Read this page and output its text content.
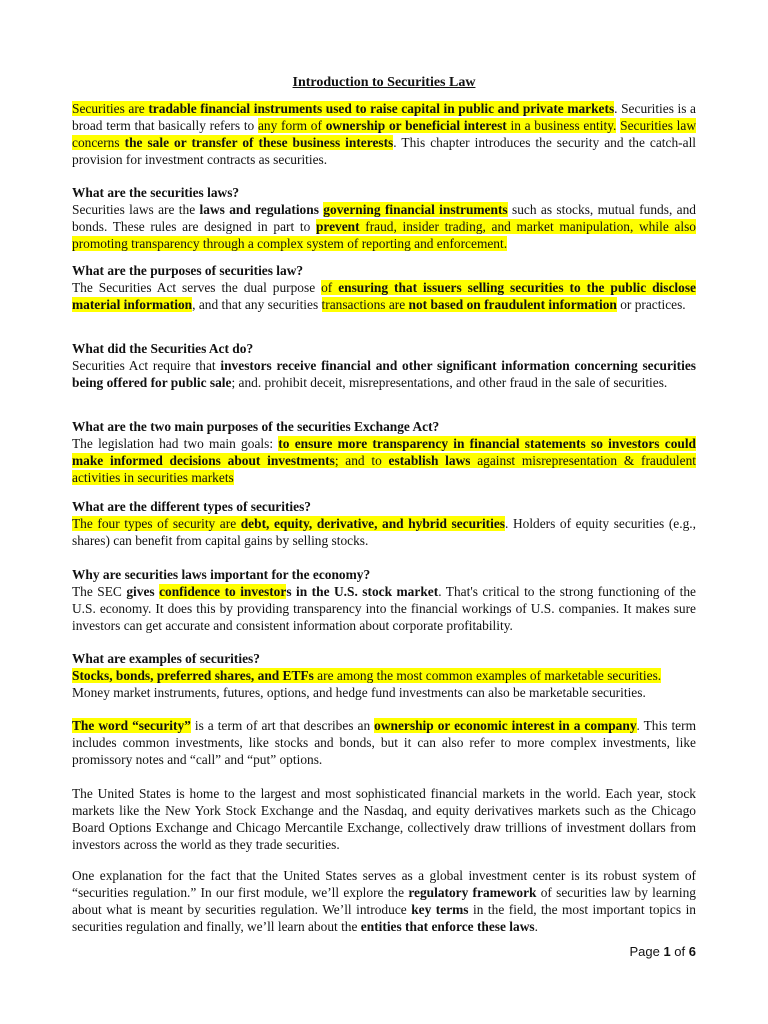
Introduction to Securities Law
Securities are tradable financial instruments used to raise capital in public and private markets. Securities is a broad term that basically refers to any form of ownership or beneficial interest in a business entity. Securities law concerns the sale or transfer of these business interests. This chapter introduces the security and the catch-all provision for investment contracts as securities.
What are the securities laws?
Securities laws are the laws and regulations governing financial instruments such as stocks, mutual funds, and bonds. These rules are designed in part to prevent fraud, insider trading, and market manipulation, while also promoting transparency through a complex system of reporting and enforcement.
What are the purposes of securities law?
The Securities Act serves the dual purpose of ensuring that issuers selling securities to the public disclose material information, and that any securities transactions are not based on fraudulent information or practices.
What did the Securities Act do?
Securities Act require that investors receive financial and other significant information concerning securities being offered for public sale; and. prohibit deceit, misrepresentations, and other fraud in the sale of securities.
What are the two main purposes of the securities Exchange Act?
The legislation had two main goals: to ensure more transparency in financial statements so investors could make informed decisions about investments; and to establish laws against misrepresentation & fraudulent activities in securities markets
What are the different types of securities?
The four types of security are debt, equity, derivative, and hybrid securities. Holders of equity securities (e.g., shares) can benefit from capital gains by selling stocks.
Why are securities laws important for the economy?
The SEC gives confidence to investors in the U.S. stock market. That's critical to the strong functioning of the U.S. economy. It does this by providing transparency into the financial workings of U.S. companies. It makes sure investors can get accurate and consistent information about corporate profitability.
What are examples of securities?
Stocks, bonds, preferred shares, and ETFs are among the most common examples of marketable securities. Money market instruments, futures, options, and hedge fund investments can also be marketable securities.
The word “security” is a term of art that describes an ownership or economic interest in a company. This term includes common investments, like stocks and bonds, but it can also refer to more complex investments, like promissory notes and “call” and “put” options.
The United States is home to the largest and most sophisticated financial markets in the world. Each year, stock markets like the New York Stock Exchange and the Nasdaq, and equity derivatives markets such as the Chicago Board Options Exchange and Chicago Mercantile Exchange, collectively draw trillions of investment dollars from investors across the world as they trade securities.
One explanation for the fact that the United States serves as a global investment center is its robust system of “securities regulation.” In our first module, we’ll explore the regulatory framework of securities law by learning about what is meant by securities regulation. We’ll introduce key terms in the field, the most important topics in securities regulation and finally, we’ll learn about the entities that enforce these laws.
Page 1 of 6
